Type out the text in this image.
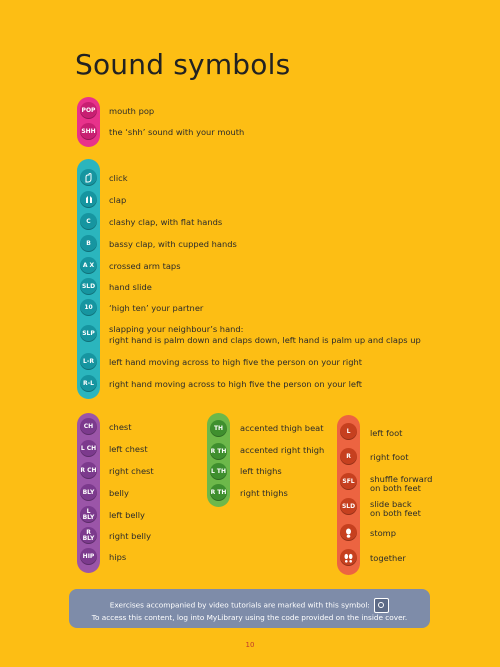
Sound symbols
POP mouth pop
SHH the ‘shh’ sound with your mouth
click
clap
C	clashy clap, with flat hands
B	bassy clap, with cupped hands
A X	crossed arm taps
SLD hand slide
10	‘high ten’ your partner
SLP slapping your neighbour’s hand:
right hand is palm down and claps down, left hand is palm up and claps up
L-R	left hand moving across to high five the person on your right
R-L	right hand moving across to high five the person on your left
CH	chest
L CH left chest
R CH right chest
BLY	belly
L BLY	left belly
R BLY	right belly
HIP	hips
TH	accented thigh beat
R TH accented right thigh
L TH left thighs
R TH right thighs
L	left foot
R	right foot
SFL shuffle forward
on both feet
SLD slide back
on both feet
stomp
together
Exercises accompanied by video tutorials are marked with this symbol:
To access this content, log into MyLibrary using the code provided on the inside cover.
10
